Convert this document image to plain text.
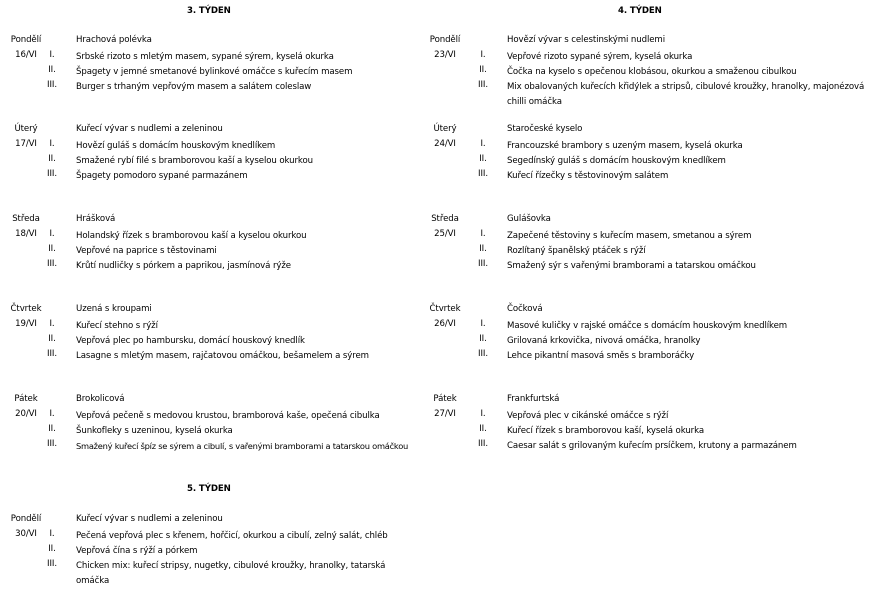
3. TÝDEN
Pondělí
16/VI
Hrachová polévka
I.	Srbské rizoto s mletým masem, sypané sýrem, kyselá okurka
II.	Špagety v jemné smetanové bylinkové omáčce s kuřecím masem
III.	Burger s trhaným vepřovým masem a salátem coleslaw
Úterý
17/VI
Kuřecí vývar s nudlemi a zeleninou
I.	Hovězí guláš s domácím houskovým knedlíkem
II.	Smažené rybí filé s bramborovou kaší a kyselou okurkou
III.	Špagety pomodoro sypané parmazánem
Středa
18/VI
Hrášková
I.	Holandský řízek s bramborovou kaší a kyselou okurkou
II.	Vepřové na paprice s těstovinami
III.	Krůtí nudličky s pórkem a paprikou, jasmínová rýže
Čtvrtek
19/VI
Uzená s kroupami
I.	Kuřecí stehno s rýží
II.	Vepřová plec po hambursku, domácí houskový knedlík
III.	Lasagne s mletým masem, rajčatovou omáčkou, bešamelem a sýrem
Pátek
20/VI
Brokolicová
I.	Vepřová pečeně s medovou krustou, bramborová kaše, opečená cibulka
II.	Šunkofleky s uzeninou, kyselá okurka
III.	Smažený kuřecí špíz se sýrem a cibulí, s vařenými bramborami a tatarskou omáčkou
4. TÝDEN
Pondělí
23/VI
Hovězí vývar s celestinskými nudlemi
I.	Vepřové rizoto sypané sýrem, kyselá okurka
II.	Čočka na kyselo s opečenou klobásou, okurkou a smaženou cibulkou
III.	Mix obalovaných kuřecích křidýlek a stripsů, cibulové kroužky, hranolky, majonézová chilli omáčka
Úterý
24/VI
Staročeské kyselo
I.	Francouzské brambory s uzeným masem, kyselá okurka
II.	Segedínský guláš s domácím houskovým knedlíkem
III.	Kuřecí řízečky s těstovinovým salátem
Středa
25/VI
Gulášovka
I.	Zapečené těstoviny s kuřecím masem, smetanou a sýrem
II.	Rozlítaný španělský ptáček s rýží
III.	Smažený sýr s vařenými bramborami a tatarskou omáčkou
Čtvrtek
26/VI
Čočková
I.	Masové kuličky v rajské omáčce s domácím houskovým knedlíkem
II.	Grilovaná krkovička, nivová omáčka, hranolky
III.	Lehce pikantní masová směs s bramboráčky
Pátek
27/VI
Frankfurtská
I.	Vepřová plec v cikánské omáčce s rýží
II.	Kuřecí řízek s bramborovou kaší, kyselá okurka
III.	Caesar salát s grilovaným kuřecím prsíčkem, krutony a parmazánem
5. TÝDEN
Pondělí
30/VI
Kuřecí vývar s nudlemi a zeleninou
I.	Pečená vepřová plec s křenem, hořčicí, okurkou a cibulí, zelný salát, chléb
II.	Vepřová čína s rýží a pórkem
III.	Chicken mix: kuřecí stripsy, nugetky, cibulové kroužky, hranolky, tatarská omáčka
